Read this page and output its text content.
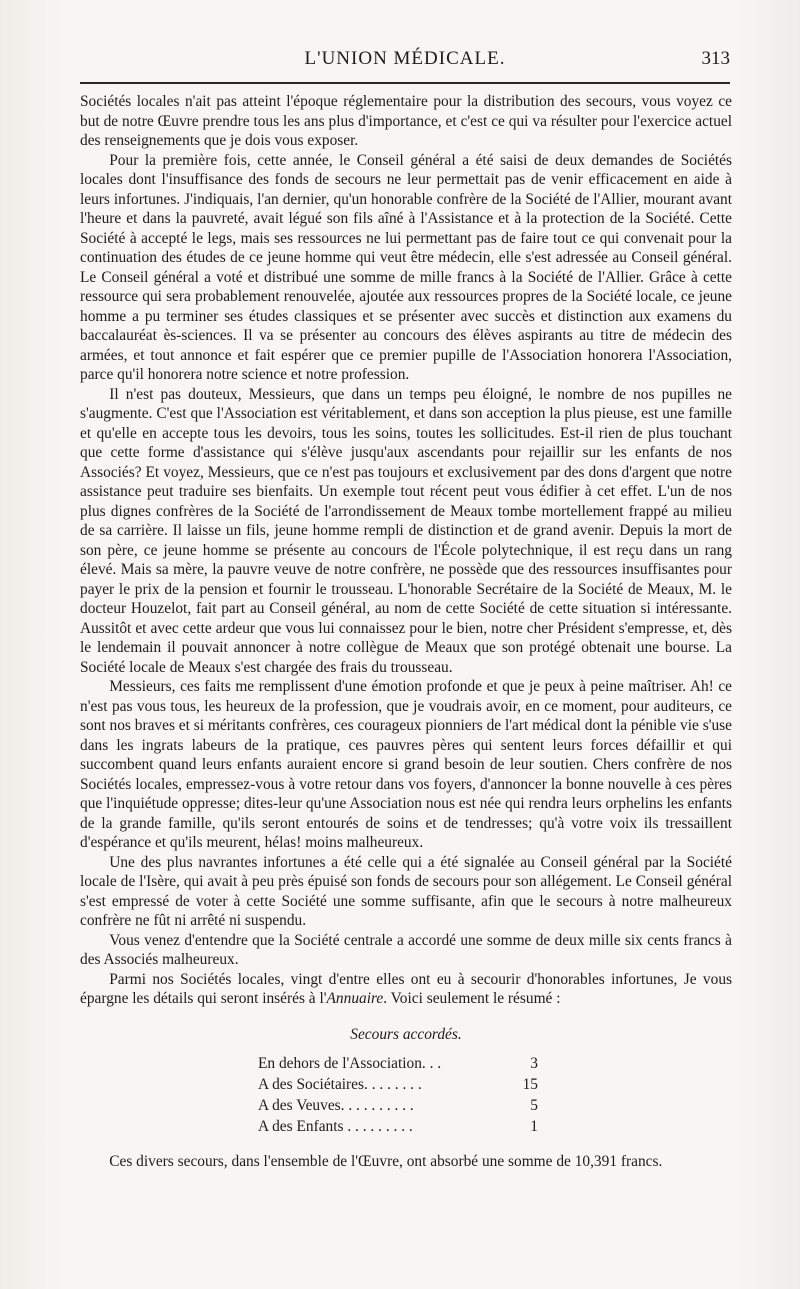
L'UNION MÉDICALE.	313

Sociétés locales n'ait pas atteint l'époque réglementaire pour la distribution des secours, vous voyez ce but de notre Œuvre prendre tous les ans plus d'importance, et c'est ce qui va résulter pour l'exercice actuel des renseignements que je dois vous exposer.

Pour la première fois, cette année, le Conseil général a été saisi de deux demandes de Sociétés locales dont l'insuffisance des fonds de secours ne leur permettait pas de venir efficacement en aide à leurs infortunes. J'indiquais, l'an dernier, qu'un honorable confrère de la Société de l'Allier, mourant avant l'heure et dans la pauvreté, avait légué son fils aîné à l'Assistance et à la protection de la Société. Cette Société à accepté le legs, mais ses ressources ne lui permettant pas de faire tout ce qui convenait pour la continuation des études de ce jeune homme qui veut être médecin, elle s'est adressée au Conseil général. Le Conseil général a voté et distribué une somme de mille francs à la Société de l'Allier. Grâce à cette ressource qui sera probablement renouvelée, ajoutée aux ressources propres de la Société locale, ce jeune homme a pu terminer ses études classiques et se présenter avec succès et distinction aux examens du baccalauréat ès-sciences. Il va se présenter au concours des élèves aspirants au titre de médecin des armées, et tout annonce et fait espérer que ce premier pupille de l'Association honorera l'Association, parce qu'il honorera notre science et notre profession.

Il n'est pas douteux, Messieurs, que dans un temps peu éloigné, le nombre de nos pupilles ne s'augmente. C'est que l'Association est véritablement, et dans son acception la plus pieuse, est une famille et qu'elle en accepte tous les devoirs, tous les soins, toutes les sollicitudes. Est-il rien de plus touchant que cette forme d'assistance qui s'élève jusqu'aux ascendants pour rejaillir sur les enfants de nos Associés? Et voyez, Messieurs, que ce n'est pas toujours et exclusivement par des dons d'argent que notre assistance peut traduire ses bienfaits. Un exemple tout récent peut vous édifier à cet effet. L'un de nos plus dignes confrères de la Société de l'arrondissement de Meaux tombe mortellement frappé au milieu de sa carrière. Il laisse un fils, jeune homme rempli de distinction et de grand avenir. Depuis la mort de son père, ce jeune homme se présente au concours de l'École polytechnique, il est reçu dans un rang élevé. Mais sa mère, la pauvre veuve de notre confrère, ne possède que des ressources insuffisantes pour payer le prix de la pension et fournir le trousseau. L'honorable Secrétaire de la Société de Meaux, M. le docteur Houzelot, fait part au Conseil général, au nom de cette Société de cette situation si intéressante. Aussitôt et avec cette ardeur que vous lui connaissez pour le bien, notre cher Président s'empresse, et, dès le lendemain il pouvait annoncer à notre collègue de Meaux que son protégé obtenait une bourse. La Société locale de Meaux s'est chargée des frais du trousseau.

Messieurs, ces faits me remplissent d'une émotion profonde et que je peux à peine maîtriser. Ah! ce n'est pas vous tous, les heureux de la profession, que je voudrais avoir, en ce moment, pour auditeurs, ce sont nos braves et si méritants confrères, ces courageux pionniers de l'art médical dont la pénible vie s'use dans les ingrats labeurs de la pratique, ces pauvres pères qui sentent leurs forces défaillir et qui succombent quand leurs enfants auraient encore si grand besoin de leur soutien. Chers confrère de nos Sociétés locales, empressez-vous à votre retour dans vos foyers, d'annoncer la bonne nouvelle à ces pères que l'inquiétude oppresse; dites-leur qu'une Association nous est née qui rendra leurs orphelins les enfants de la grande famille, qu'ils seront entourés de soins et de tendresses; qu'à votre voix ils tressaillent d'espérance et qu'ils meurent, hélas! moins malheureux.

Une des plus navrantes infortunes a été celle qui a été signalée au Conseil général par la Société locale de l'Isère, qui avait à peu près épuisé son fonds de secours pour son allégement. Le Conseil général s'est empressé de voter à cette Société une somme suffisante, afin que le secours à notre malheureux confrère ne fût ni arrêté ni suspendu.

Vous venez d'entendre que la Société centrale a accordé une somme de deux mille six cents francs à des Associés malheureux.

Parmi nos Sociétés locales, vingt d'entre elles ont eu à secourir d'honorables infortunes, Je vous épargne les détails qui seront insérés à l'Annuaire. Voici seulement le résumé :

Secours accordés.
En dehors de l'Association. . .	3
A des Sociétaires. . . . . . . .	15
A des Veuves. . . . . . . . . .	5
A des Enfants . . . . . . . . .	1

Ces divers secours, dans l'ensemble de l'Œuvre, ont absorbé une somme de 10,391 francs.
